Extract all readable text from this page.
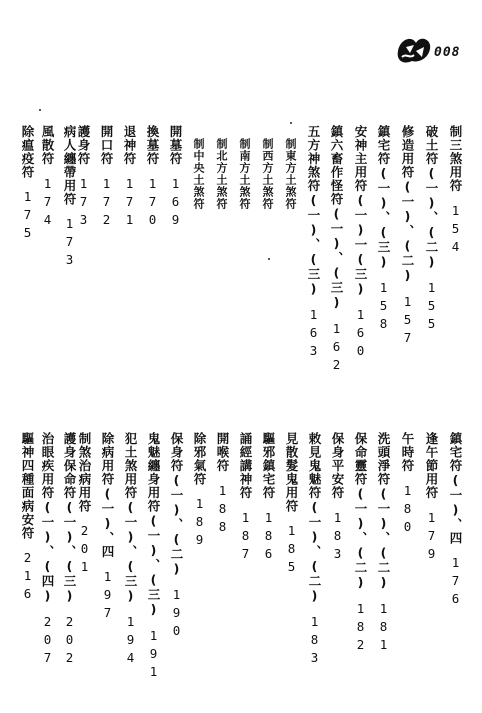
008
制三煞用符154
破土符(一)、(二)155
修造用符(一)、(二)157
鎮宅符(一)、(三)158
安神主用符(一)一(三)160
鎮六畜作怪符(一)、(三)162
五方神煞符(一)、(三)163
制東方土煞符
制西方土煞符
制南方土煞符
制北方土煞符
制中央土煞符
開墓符169
換墓符170
退神符171
開口符172
護身符173
病人纏帶用符173
風散符174
除瘟疫符175
鎮宅符(一)、四176
逢午節用符179
午時符180
洗頭淨符(一)、(二)181
保命靈符(一)、(二)182
保身平安符183
敕見鬼魅符(一)、(二)183
見散髮鬼用符185
驅邪鎮宅符186
誦經講神符187
開喉符188
除邪氣符189
保身符(一)、(二)190
鬼魅纏身用符(一)、(三)191
犯土煞用符(一)、(三)194
除病用符(一)、四197
制煞治病用符201
護身保命符(一)、(三)202
治眼疾用符(一)、(四)207
驅神四種面病安符216
